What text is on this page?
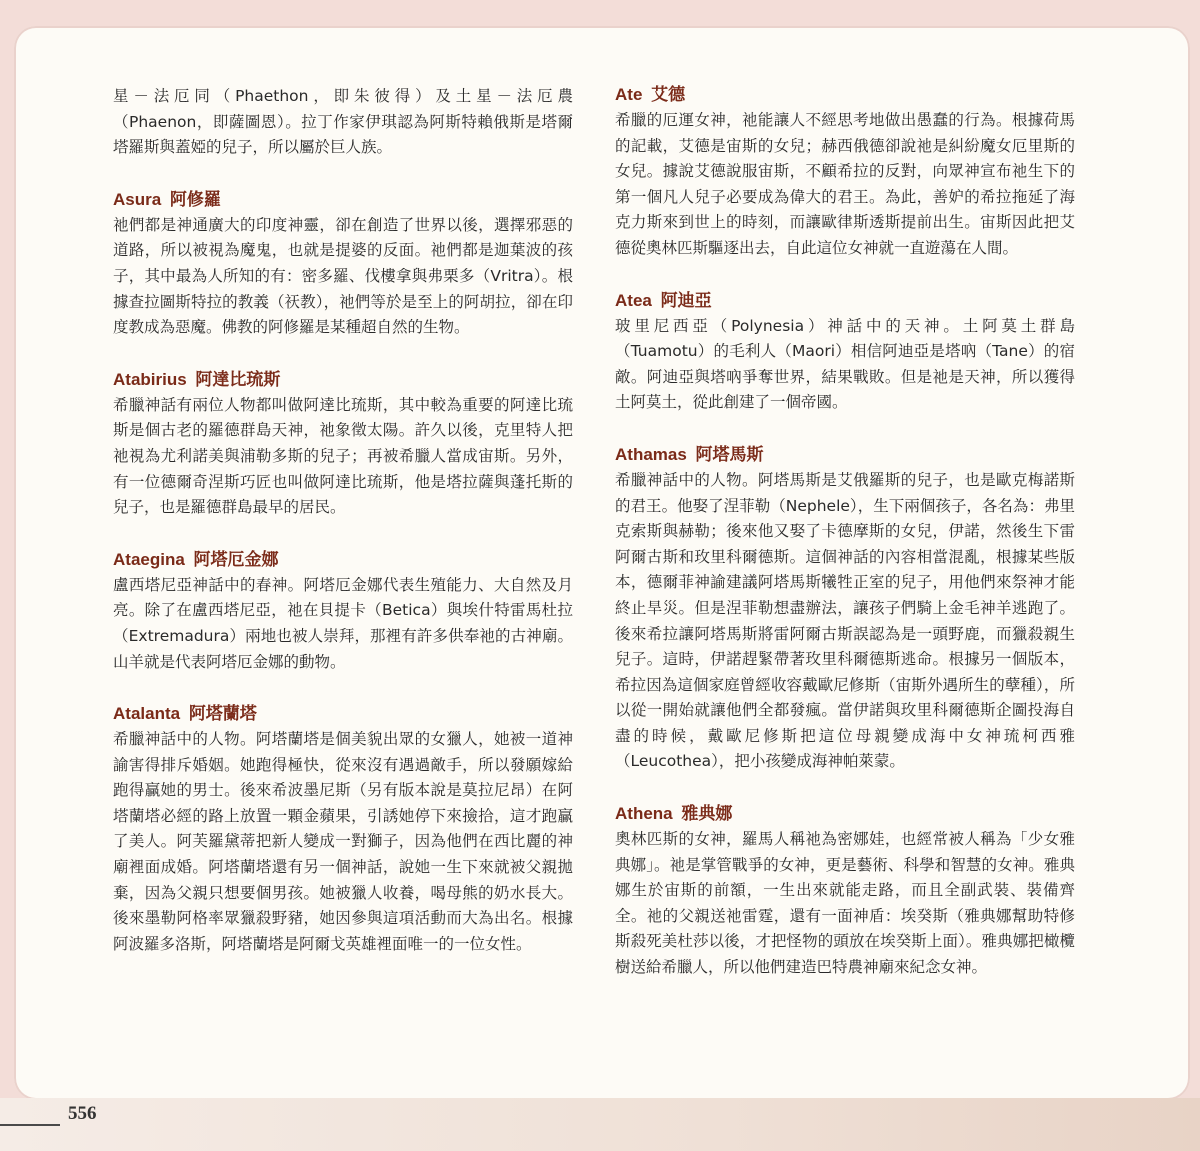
星－法厄同（Phaethon，即朱彼得）及土星－法厄農（Phaenon，即薩圖恩）。拉丁作家伊琪認為阿斯特賴俄斯是塔爾塔羅斯與蓋婭的兒子，所以屬於巨人族。

Asura 阿修羅

祂們都是神通廣大的印度神靈，卻在創造了世界以後，選擇邪惡的道路，所以被視為魔鬼，也就是提婆的反面。祂們都是迦葉波的孩子，其中最為人所知的有：密多羅、伐樓拿與弗栗多（Vritra）。根據查拉圖斯特拉的教義（祆教），祂們等於是至上的阿胡拉，卻在印度教成為惡魔。佛教的阿修羅是某種超自然的生物。

Atabirius 阿達比琉斯

希臘神話有兩位人物都叫做阿達比琉斯，其中較為重要的阿達比琉斯是個古老的羅德群島天神，祂象徵太陽。許久以後，克里特人把祂視為尤利諾美與浦勒多斯的兒子；再被希臘人當成宙斯。另外，有一位德爾奇涅斯巧匠也叫做阿達比琉斯，他是塔拉薩與蓬托斯的兒子，也是羅德群島最早的居民。

Ataegina 阿塔厄金娜

盧西塔尼亞神話中的春神。阿塔厄金娜代表生殖能力、大自然及月亮。除了在盧西塔尼亞，祂在貝提卡（Betica）與埃什特雷馬杜拉（Extremadura）兩地也被人崇拜，那裡有許多供奉祂的古神廟。山羊就是代表阿塔厄金娜的動物。

Atalanta 阿塔蘭塔

希臘神話中的人物。阿塔蘭塔是個美貌出眾的女獵人，她被一道神諭害得排斥婚姻。她跑得極快，從來沒有遇過敵手，所以發願嫁給跑得贏她的男士。後來希波墨尼斯（另有版本說是莫拉尼昂）在阿塔蘭塔必經的路上放置一顆金蘋果，引誘她停下來撿拾，這才跑贏了美人。阿芙羅黛蒂把新人變成一對獅子，因為他們在西比麗的神廟裡面成婚。阿塔蘭塔還有另一個神話，說她一生下來就被父親拋棄，因為父親只想要個男孩。她被獵人收養，喝母熊的奶水長大。後來墨勒阿格率眾獵殺野豬，她因參與這項活動而大為出名。根據阿波羅多洛斯，阿塔蘭塔是阿爾戈英雄裡面唯一的一位女性。

Ate 艾德

希臘的厄運女神，祂能讓人不經思考地做出愚蠢的行為。根據荷馬的記載，艾德是宙斯的女兒；赫西俄德卻說祂是糾紛魔女厄里斯的女兒。據說艾德說服宙斯，不顧希拉的反對，向眾神宣布祂生下的第一個凡人兒子必要成為偉大的君王。為此，善妒的希拉拖延了海克力斯來到世上的時刻，而讓歐律斯透斯提前出生。宙斯因此把艾德從奧林匹斯驅逐出去，自此這位女神就一直遊蕩在人間。

Atea 阿迪亞

玻里尼西亞（Polynesia）神話中的天神。土阿莫土群島（Tuamotu）的毛利人（Maori）相信阿迪亞是塔吶（Tane）的宿敵。阿迪亞與塔吶爭奪世界，結果戰敗。但是祂是天神，所以獲得土阿莫土，從此創建了一個帝國。

Athamas 阿塔馬斯

希臘神話中的人物。阿塔馬斯是艾俄羅斯的兒子，也是歐克梅諾斯的君王。他娶了涅菲勒（Nephele），生下兩個孩子，各名為：弗里克索斯與赫勒；後來他又娶了卡德摩斯的女兒，伊諾，然後生下雷阿爾古斯和玫里科爾德斯。這個神話的內容相當混亂，根據某些版本，德爾菲神諭建議阿塔馬斯犧牲正室的兒子，用他們來祭神才能終止旱災。但是涅菲勒想盡辦法，讓孩子們騎上金毛神羊逃跑了。後來希拉讓阿塔馬斯將雷阿爾古斯誤認為是一頭野鹿，而獵殺親生兒子。這時，伊諾趕緊帶著玫里科爾德斯逃命。根據另一個版本，希拉因為這個家庭曾經收容戴歐尼修斯（宙斯外遇所生的孽種），所以從一開始就讓他們全都發瘋。當伊諾與玫里科爾德斯企圖投海自盡的時候，戴歐尼修斯把這位母親變成海中女神琉柯西雅（Leucothea），把小孩變成海神帕萊蒙。

Athena 雅典娜

奧林匹斯的女神，羅馬人稱祂為密娜娃，也經常被人稱為「少女雅典娜」。祂是掌管戰爭的女神，更是藝術、科學和智慧的女神。雅典娜生於宙斯的前額，一生出來就能走路，而且全副武裝、裝備齊全。祂的父親送祂雷霆，還有一面神盾：埃癸斯（雅典娜幫助特修斯殺死美杜莎以後，才把怪物的頭放在埃癸斯上面）。雅典娜把橄欖樹送給希臘人，所以他們建造巴特農神廟來紀念女神。

556
